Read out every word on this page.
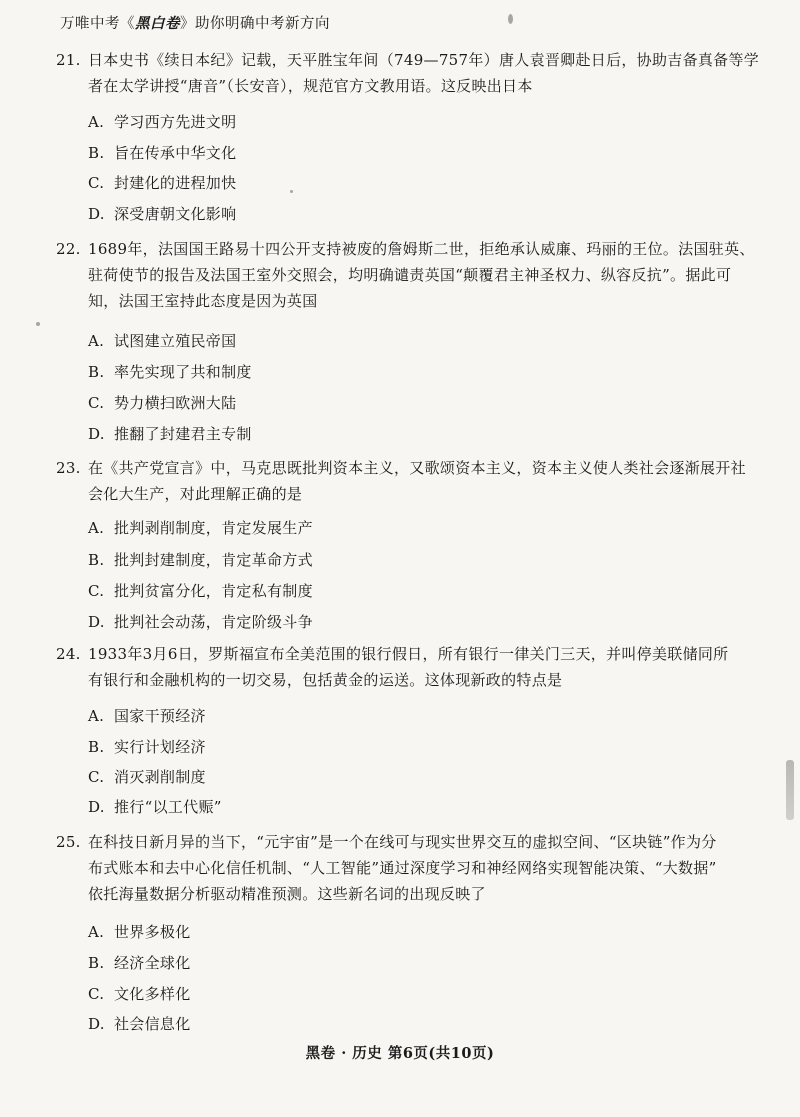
万唯中考《黑白卷》助你明确中考新方向
21. 日本史书《续日本纪》记载，天平胜宝年间（749—757年）唐人袁晋卿赴日后，协助吉备真备等学
者在太学讲授“唐音”（长安音），规范官方文教用语。这反映出日本
A. 学习西方先进文明
B. 旨在传承中华文化
C. 封建化的进程加快
D. 深受唐朝文化影响
22. 1689年，法国国王路易十四公开支持被废的詹姆斯二世，拒绝承认威廉、玛丽的王位。法国驻英、
驻荷使节的报告及法国王室外交照会，均明确谴责英国“颠覆君主神圣权力、纵容反抗”。据此可
知，法国王室持此态度是因为英国
A. 试图建立殖民帝国
B. 率先实现了共和制度
C. 势力横扫欧洲大陆
D. 推翻了封建君主专制
23. 在《共产党宣言》中，马克思既批判资本主义，又歌颂资本主义，资本主义使人类社会逐渐展开社
会化大生产，对此理解正确的是
A. 批判剥削制度，肯定发展生产
B. 批判封建制度，肯定革命方式
C. 批判贫富分化，肯定私有制度
D. 批判社会动荡，肯定阶级斗争
24. 1933年3月6日，罗斯福宣布全美范围的银行假日，所有银行一律关门三天，并叫停美联储同所
有银行和金融机构的一切交易，包括黄金的运送。这体现新政的特点是
A. 国家干预经济
B. 实行计划经济
C. 消灭剥削制度
D. 推行“以工代赈”
25. 在科技日新月异的当下，“元宇宙”是一个在线可与现实世界交互的虚拟空间、“区块链”作为分
布式账本和去中心化信任机制、“人工智能”通过深度学习和神经网络实现智能决策、“大数据”
依托海量数据分析驱动精准预测。这些新名词的出现反映了
A. 世界多极化
B. 经济全球化
C. 文化多样化
D. 社会信息化
黑卷 · 历史 第6页(共10页)
